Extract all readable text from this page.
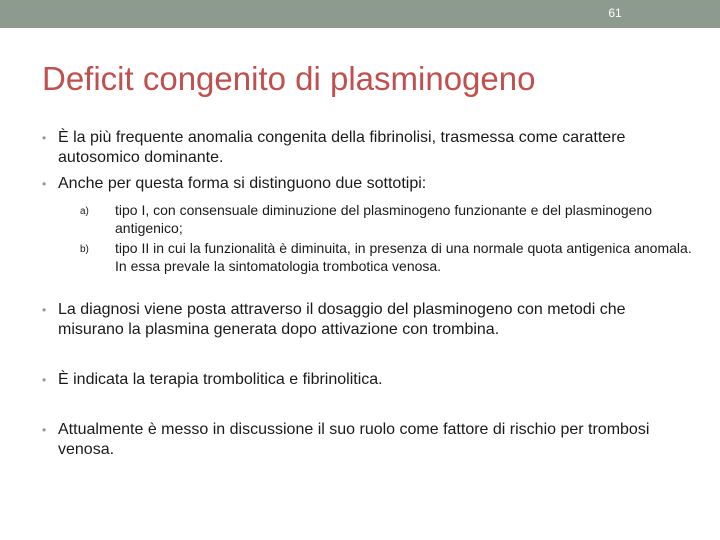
61
Deficit congenito di plasminogeno
• È la più frequente anomalia congenita della fibrinolisi, trasmessa come carattere autosomico dominante.
• Anche per questa forma si distinguono due sottotipi:
a) tipo I, con consensuale diminuzione del plasminogeno funzionante e del plasminogeno antigenico;
b) tipo II in cui la funzionalità è diminuita, in presenza di una normale quota antigenica anomala. In essa prevale la sintomatologia trombotica venosa.
• La diagnosi viene posta attraverso il dosaggio del plasminogeno con metodi che misurano la plasmina generata dopo attivazione con trombina.
• È indicata la terapia trombolitica e fibrinolitica.
• Attualmente è messo in discussione il suo ruolo come fattore di rischio per trombosi venosa.
